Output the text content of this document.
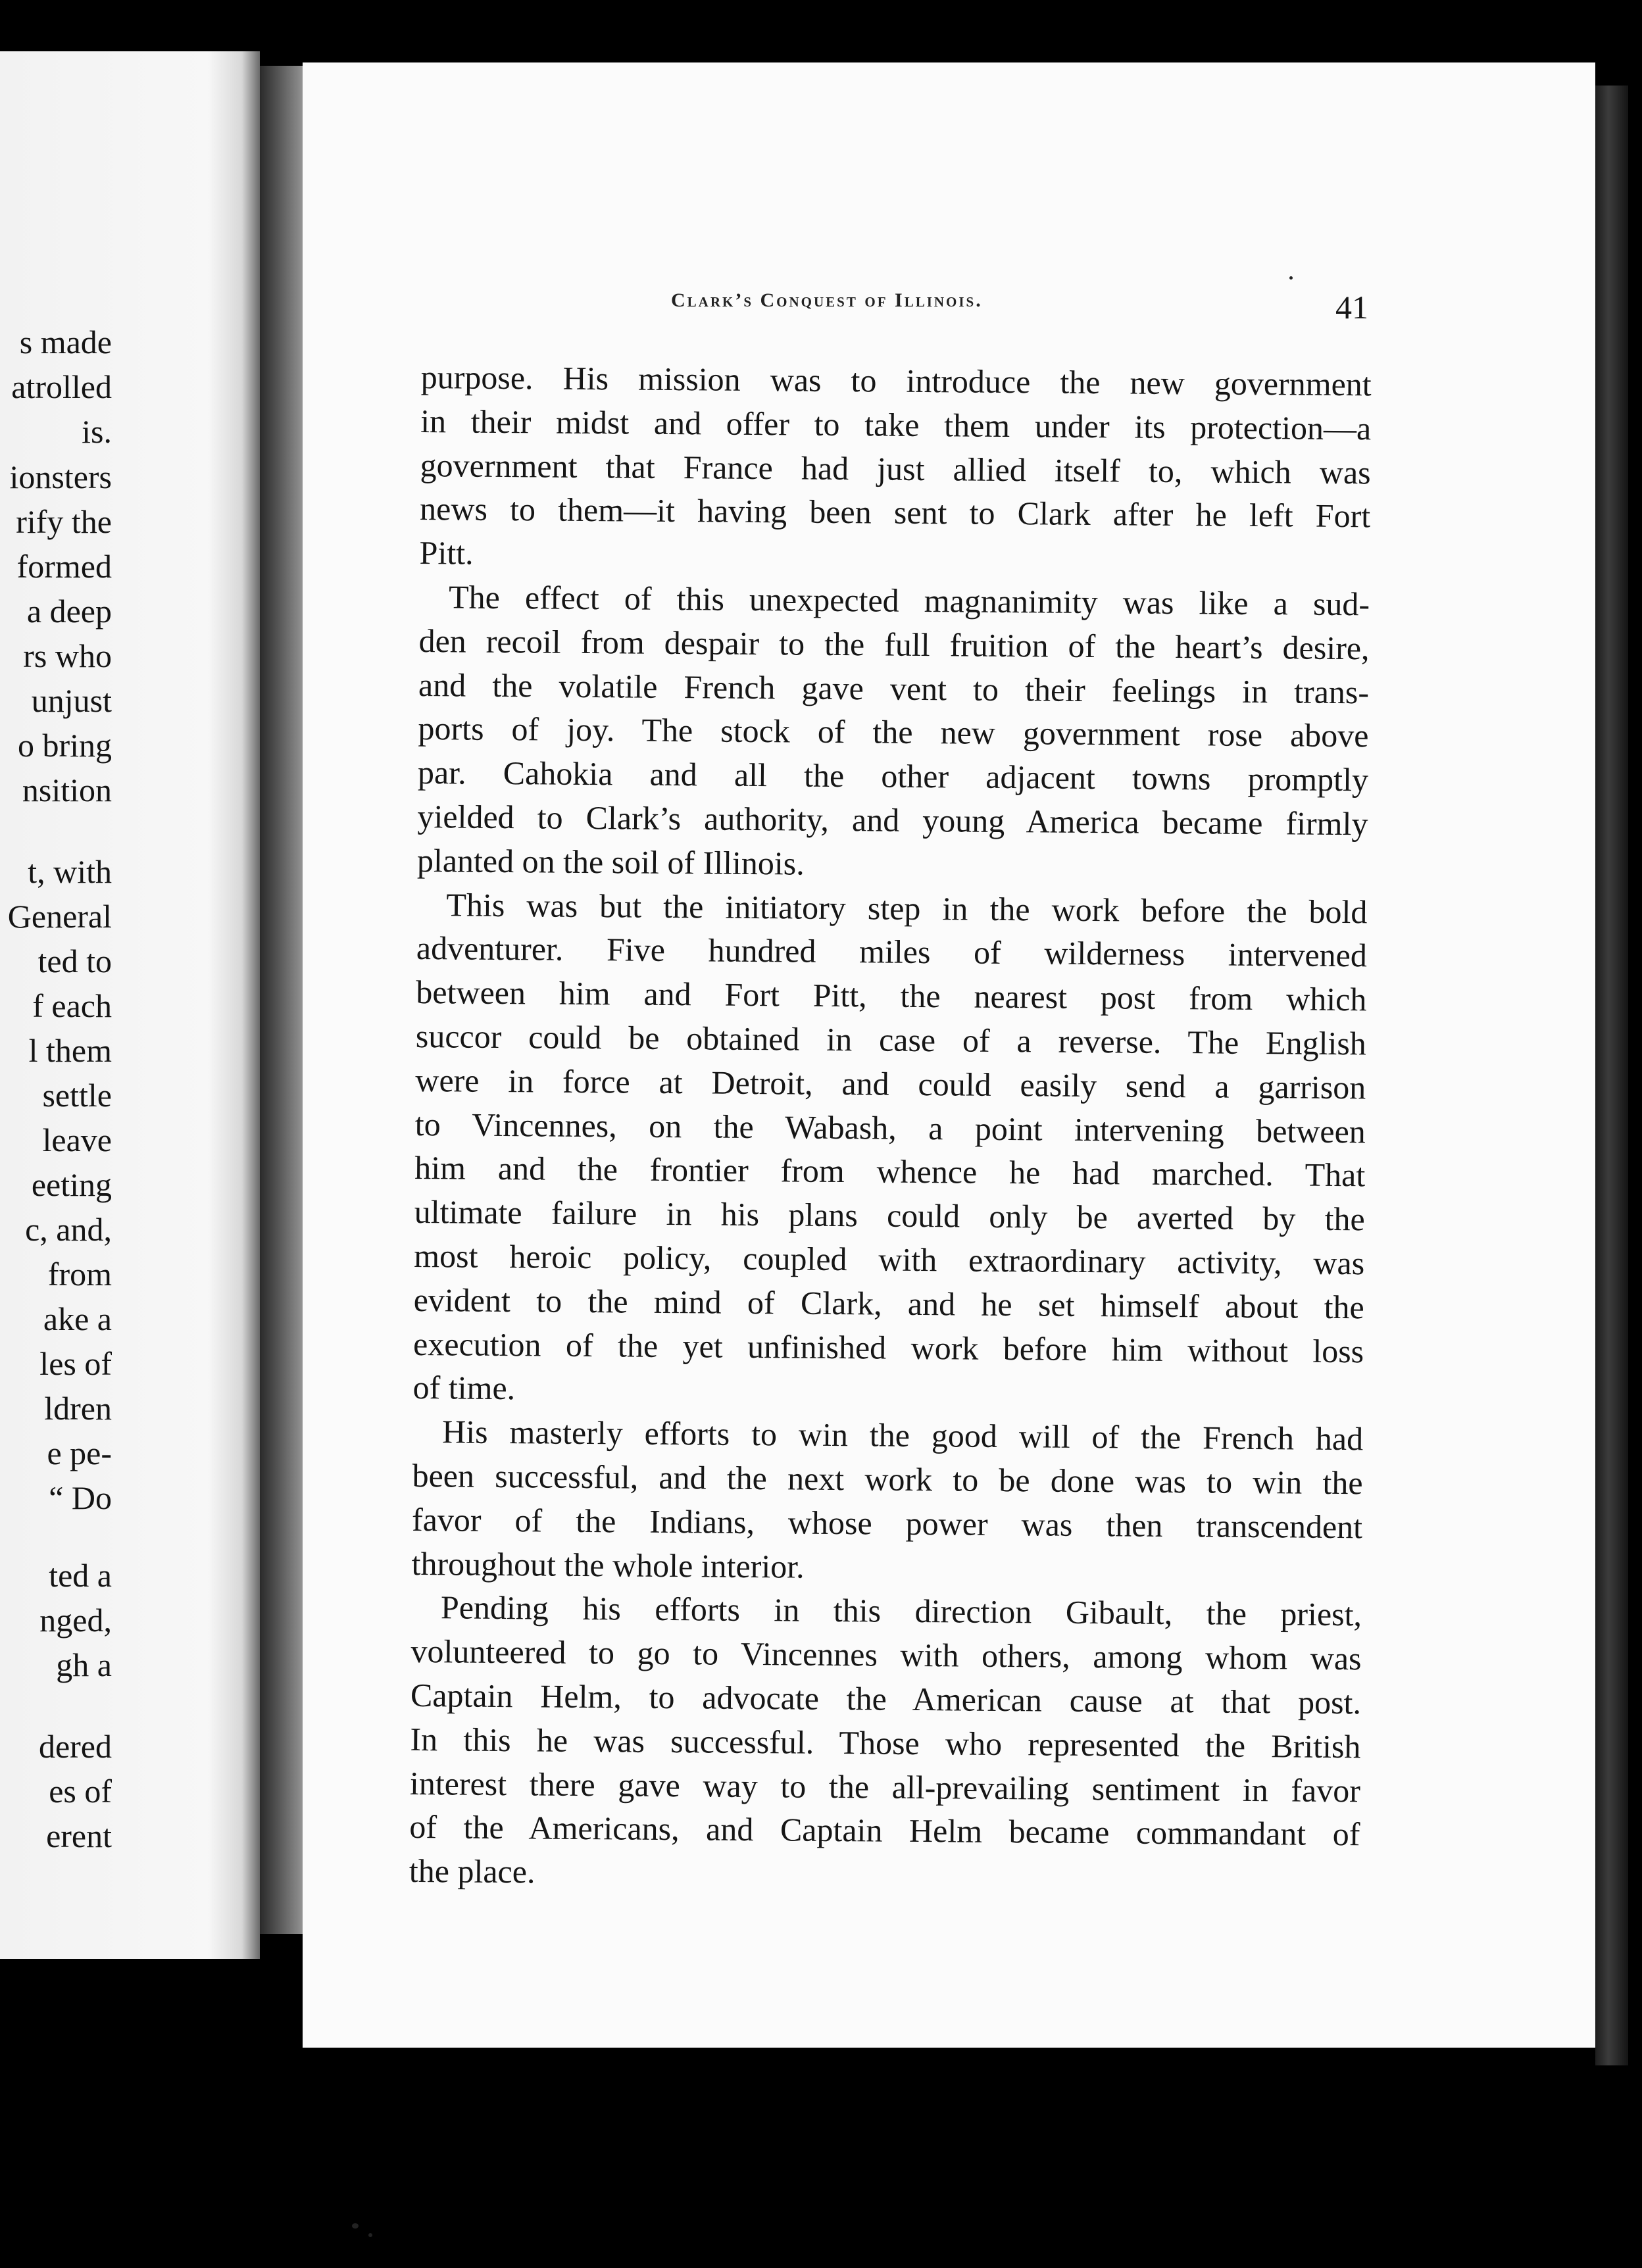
s made
atrolled
is.
ionsters
rify the
formed
a deep
rs who
unjust
o bring
nsition
t, with
General
ted to
f each
l them
settle
leave
eeting
c, and,
from
ake a
les of
ldren
e pe-
“ Do
ted a
nged,
gh a
dered
es of
erent
Clark’s Conquest of Illinois.	41
purpose. His mission was to introduce the new government
in their midst and offer to take them under its protection—a
government that France had just allied itself to, which was
news to them—it having been sent to Clark after he left Fort
Pitt.
The effect of this unexpected magnanimity was like a sud-
den recoil from despair to the full fruition of the heart’s desire,
and the volatile French gave vent to their feelings in trans-
ports of joy. The stock of the new government rose above
par. Cahokia and all the other adjacent towns promptly
yielded to Clark’s authority, and young America became firmly
planted on the soil of Illinois.
This was but the initiatory step in the work before the bold
adventurer. Five hundred miles of wilderness intervened
between him and Fort Pitt, the nearest post from which
succor could be obtained in case of a reverse. The English
were in force at Detroit, and could easily send a garrison
to Vincennes, on the Wabash, a point intervening between
him and the frontier from whence he had marched. That
ultimate failure in his plans could only be averted by the
most heroic policy, coupled with extraordinary activity, was
evident to the mind of Clark, and he set himself about the
execution of the yet unfinished work before him without loss
of time.
His masterly efforts to win the good will of the French had
been successful, and the next work to be done was to win the
favor of the Indians, whose power was then transcendent
throughout the whole interior.
Pending his efforts in this direction Gibault, the priest,
volunteered to go to Vincennes with others, among whom was
Captain Helm, to advocate the American cause at that post.
In this he was successful. Those who represented the British
interest there gave way to the all-prevailing sentiment in favor
of the Americans, and Captain Helm became commandant of
the place.
